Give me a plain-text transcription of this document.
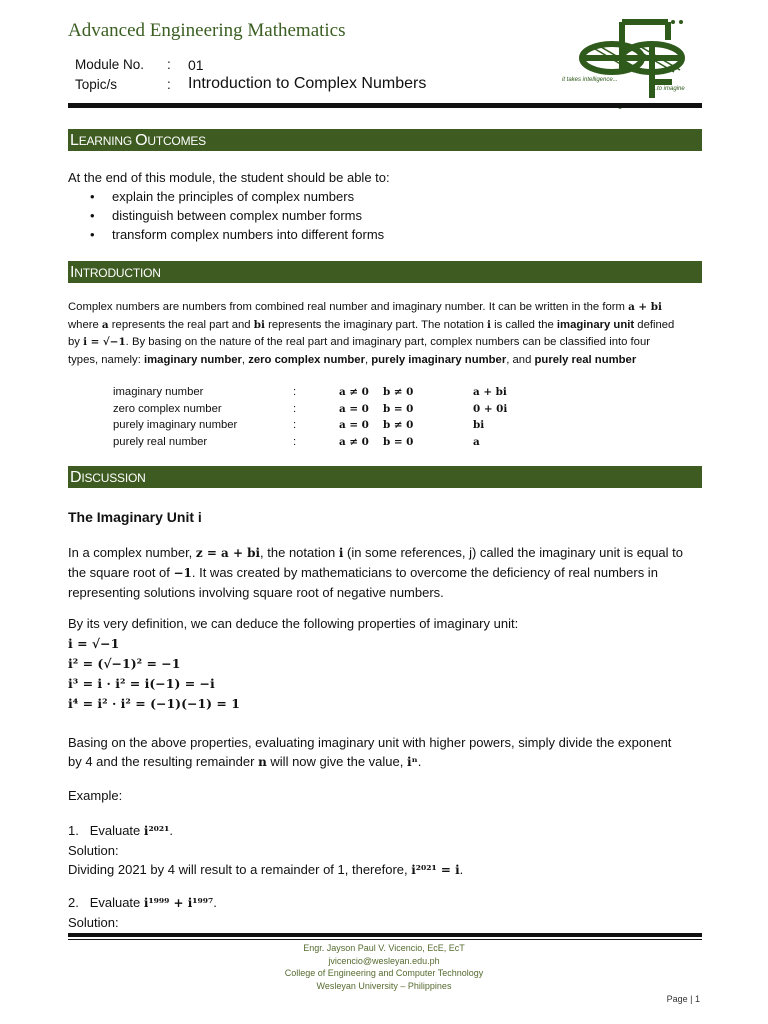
Advanced Engineering Mathematics
Module No. : 01
Topic/s	: Introduction to Complex Numbers	it takes intelligence...
...to imagine
LEARNING OUTCOMES
At the end of this module, the student should be able to:
• explain the principles of complex numbers
• distinguish between complex number forms
• transform complex numbers into different forms
INTRODUCTION
Complex numbers are numbers from combined real number and imaginary number. It can be written in the form a + bi
where a represents the real part and bi represents the imaginary part. The notation i is called the imaginary unit defined
by i = √−1. By basing on the nature of the real part and imaginary part, complex numbers can be classified into four
types, namely: imaginary number, zero complex number, purely imaginary number, and purely real number
imaginary number	:	a ≠ 0 b ≠ 0	a + bi
zero complex number	:	a = 0 b = 0	0 + 0i
purely imaginary number	:	a = 0 b ≠ 0	bi
purely real number	:	a ≠ 0 b = 0	a
DISCUSSION
The Imaginary Unit i
In a complex number, z = a + bi, the notation i (in some references, j) called the imaginary unit is equal to
the square root of −1. It was created by mathematicians to overcome the deficiency of real numbers in
representing solutions involving square root of negative numbers.
By its very definition, we can deduce the following properties of imaginary unit:
i = √−1
i² = (√−1)² = −1
i³ = i · i² = i(−1) = −i
i⁴ = i² · i² = (−1)(−1) = 1
Basing on the above properties, evaluating imaginary unit with higher powers, simply divide the exponent
by 4 and the resulting remainder n will now give the value, iⁿ.
Example:
1. Evaluate i²⁰²¹.
Solution:
Dividing 2021 by 4 will result to a remainder of 1, therefore, i²⁰²¹ = i.
2. Evaluate i¹⁹⁹⁹ + i¹⁹⁹⁷.
Solution:
Engr. Jayson Paul V. Vicencio, EcE, EcT
jvicencio@wesleyan.edu.ph
College of Engineering and Computer Technology
Wesleyan University – Philippines
Page | 1
